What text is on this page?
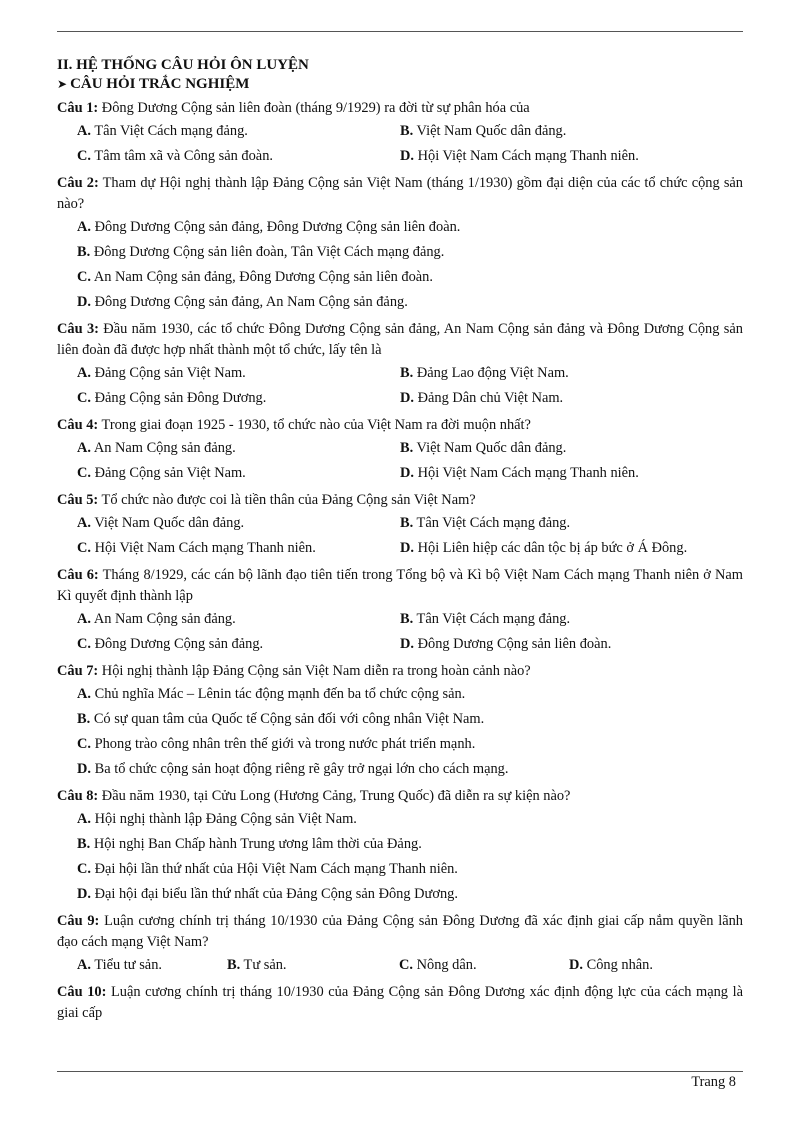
II. HỆ THỐNG CÂU HỎI ÔN LUYỆN
➤ CÂU HỎI TRẮC NGHIỆM
Câu 1: Đông Dương Cộng sản liên đoàn (tháng 9/1929) ra đời từ sự phân hóa của
A. Tân Việt Cách mạng đảng.	B. Việt Nam Quốc dân đảng.
C. Tâm tâm xã và Công sản đoàn.	D. Hội Việt Nam Cách mạng Thanh niên.
Câu 2: Tham dự Hội nghị thành lập Đảng Cộng sản Việt Nam (tháng 1/1930) gồm đại diện của các tổ chức cộng sản nào?
A. Đông Dương Cộng sản đảng, Đông Dương Cộng sản liên đoàn.
B. Đông Dương Cộng sản liên đoàn, Tân Việt Cách mạng đảng.
C. An Nam Cộng sản đảng, Đông Dương Cộng sản liên đoàn.
D. Đông Dương Cộng sản đảng, An Nam Cộng sản đảng.
Câu 3: Đầu năm 1930, các tổ chức Đông Dương Cộng sản đảng, An Nam Cộng sản đảng và Đông Dương Cộng sản liên đoàn đã được hợp nhất thành một tổ chức, lấy tên là
A. Đảng Cộng sản Việt Nam.	B. Đảng Lao động Việt Nam.
C. Đảng Cộng sản Đông Dương.	D. Đảng Dân chủ Việt Nam.
Câu 4: Trong giai đoạn 1925 - 1930, tổ chức nào của Việt Nam ra đời muộn nhất?
A. An Nam Cộng sản đảng.	B. Việt Nam Quốc dân đảng.
C. Đảng Cộng sản Việt Nam.	D. Hội Việt Nam Cách mạng Thanh niên.
Câu 5: Tổ chức nào được coi là tiền thân của Đảng Cộng sản Việt Nam?
A. Việt Nam Quốc dân đảng.	B. Tân Việt Cách mạng đảng.
C. Hội Việt Nam Cách mạng Thanh niên.	D. Hội Liên hiệp các dân tộc bị áp bức ở Á Đông.
Câu 6: Tháng 8/1929, các cán bộ lãnh đạo tiên tiến trong Tổng bộ và Kì bộ Việt Nam Cách mạng Thanh niên ở Nam Kì quyết định thành lập
A. An Nam Cộng sản đảng.	B. Tân Việt Cách mạng đảng.
C. Đông Dương Cộng sản đảng.	D. Đông Dương Cộng sản liên đoàn.
Câu 7: Hội nghị thành lập Đảng Cộng sản Việt Nam diễn ra trong hoàn cảnh nào?
A. Chủ nghĩa Mác – Lênin tác động mạnh đến ba tổ chức cộng sản.
B. Có sự quan tâm của Quốc tế Cộng sản đối với công nhân Việt Nam.
C. Phong trào công nhân trên thế giới và trong nước phát triển mạnh.
D. Ba tổ chức cộng sản hoạt động riêng rẽ gây trở ngại lớn cho cách mạng.
Câu 8: Đầu năm 1930, tại Cửu Long (Hương Cảng, Trung Quốc) đã diễn ra sự kiện nào?
A. Hội nghị thành lập Đảng Cộng sản Việt Nam.
B. Hội nghị Ban Chấp hành Trung ương lâm thời của Đảng.
C. Đại hội lần thứ nhất của Hội Việt Nam Cách mạng Thanh niên.
D. Đại hội đại biểu lần thứ nhất của Đảng Cộng sản Đông Dương.
Câu 9: Luận cương chính trị tháng 10/1930 của Đảng Cộng sản Đông Dương đã xác định giai cấp nắm quyền lãnh đạo cách mạng Việt Nam?
A. Tiểu tư sản.	B. Tư sản.	C. Nông dân.	D. Công nhân.
Câu 10: Luận cương chính trị tháng 10/1930 của Đảng Cộng sản Đông Dương xác định động lực của cách mạng là giai cấp
Trang 8
